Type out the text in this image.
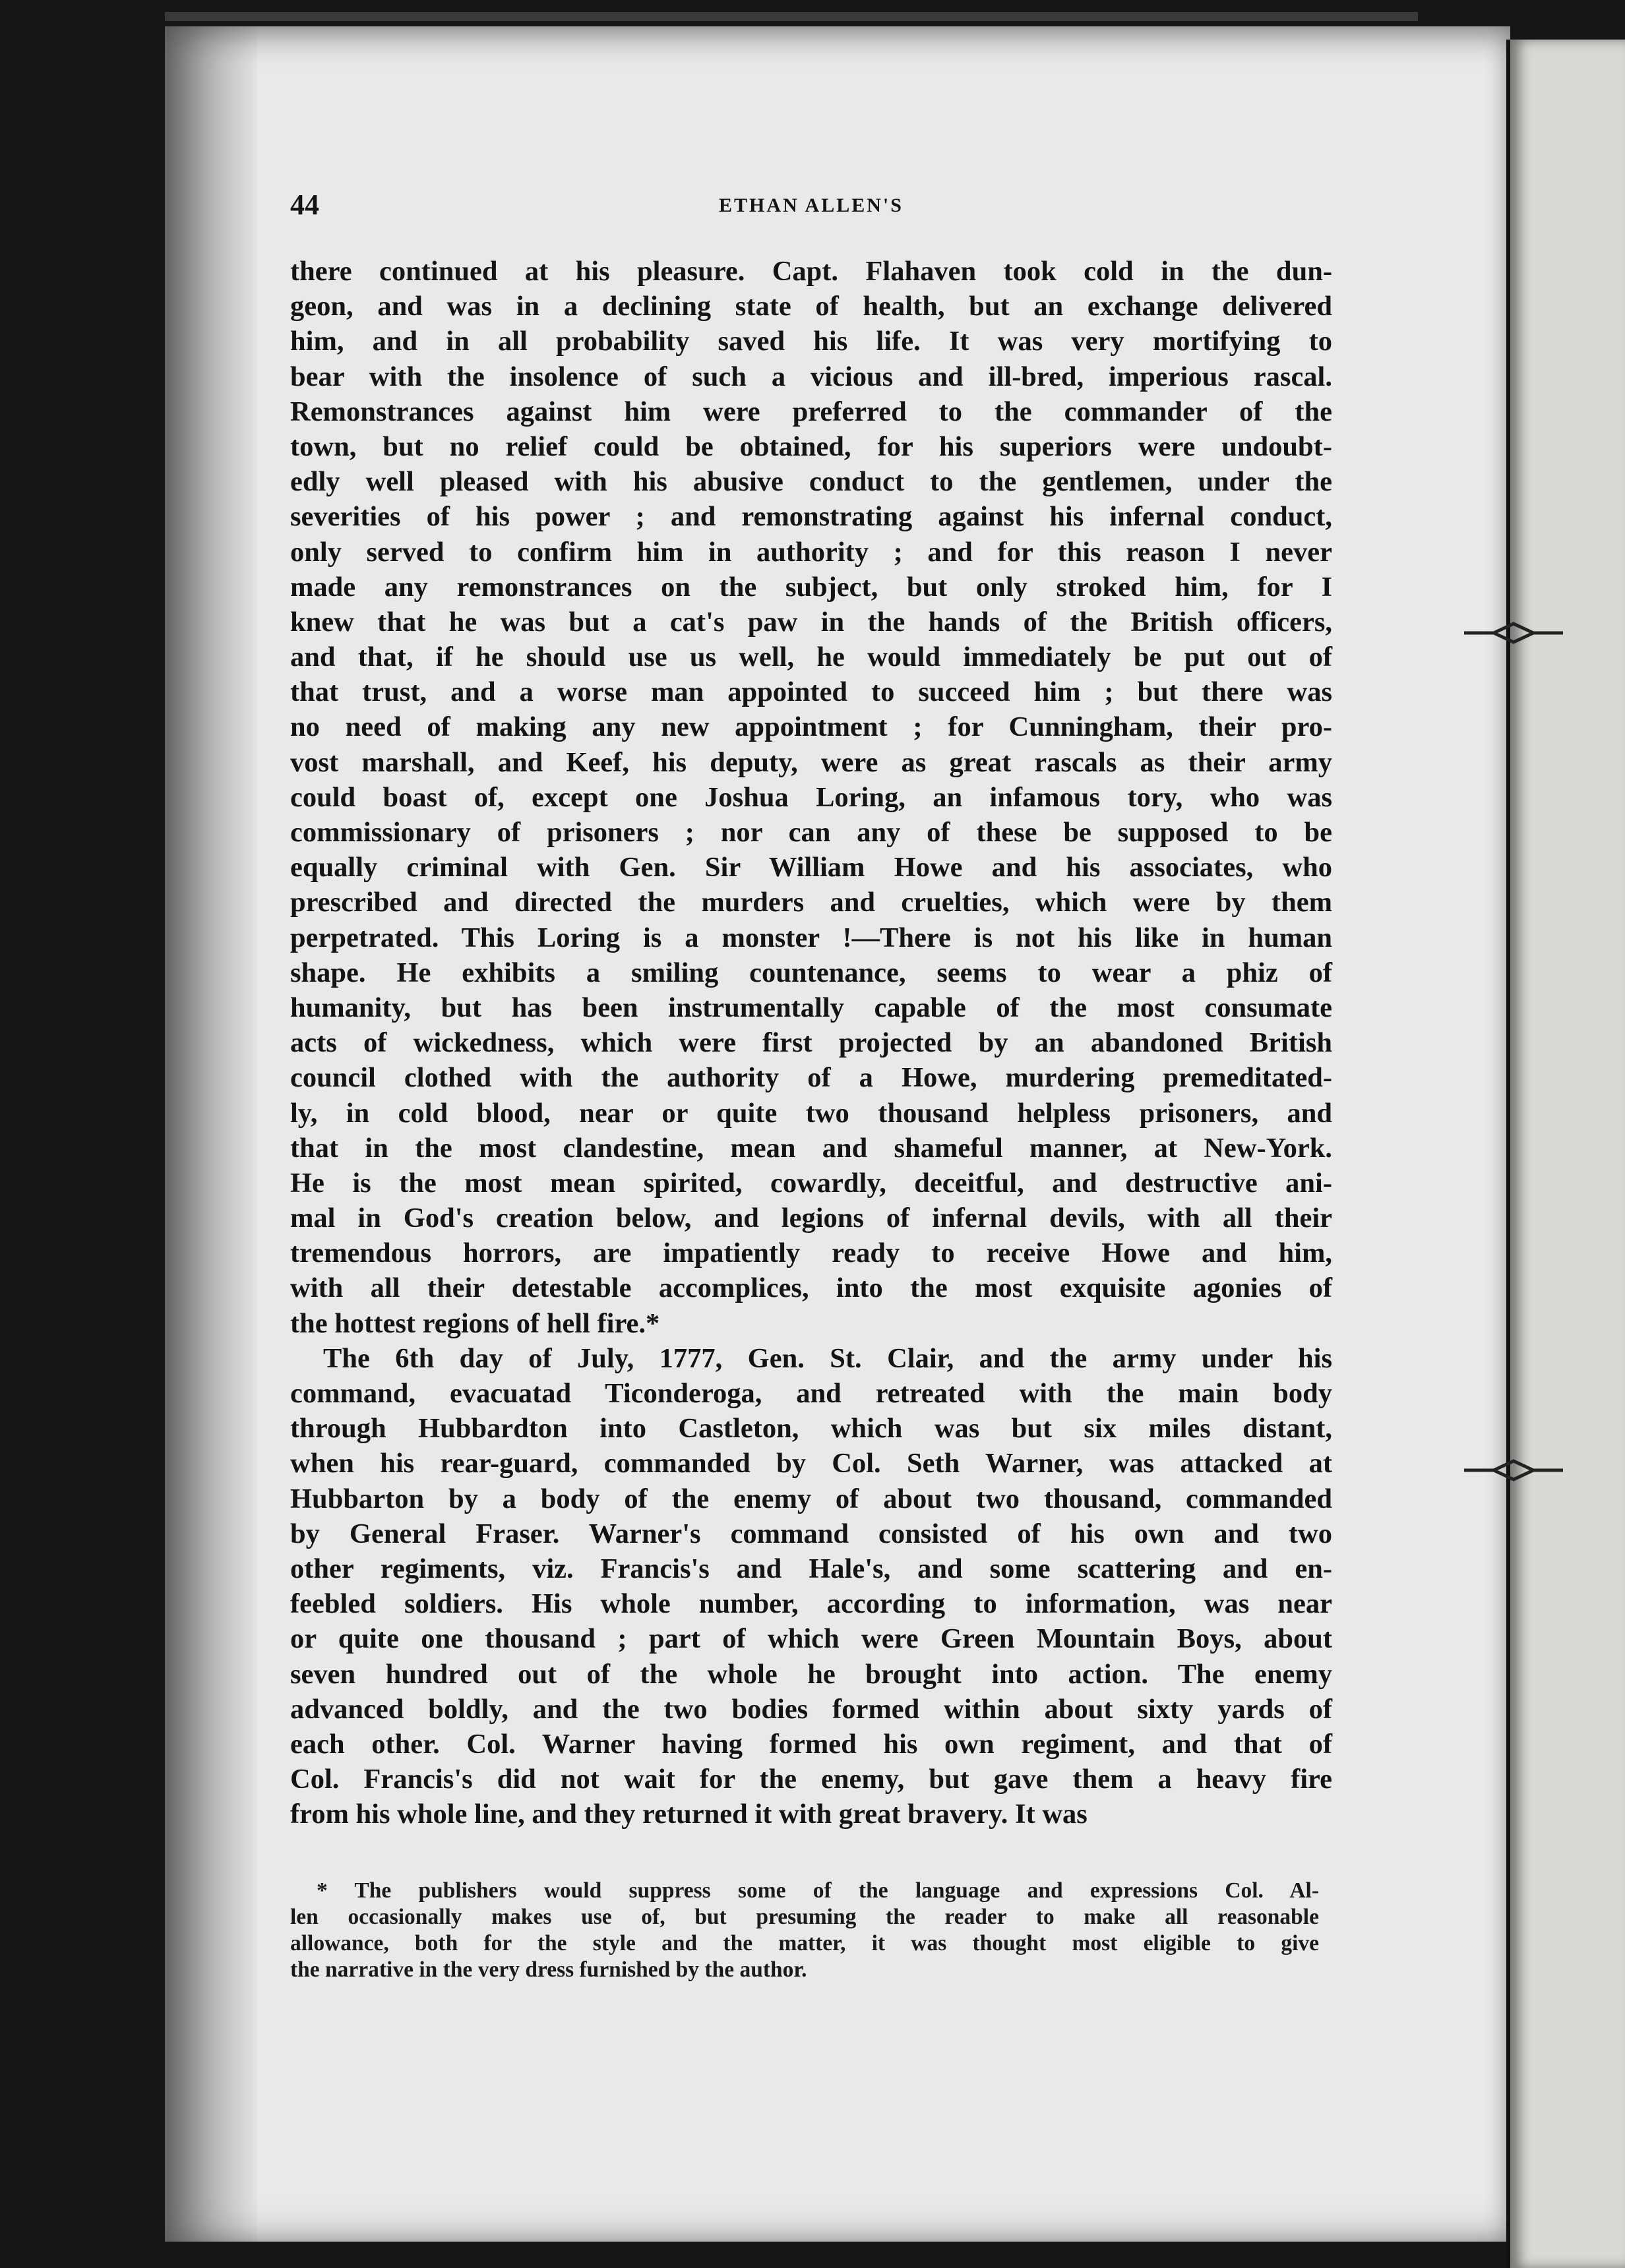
44	ETHAN ALLEN'S
there continued at his pleasure. Capt. Flahaven took cold in the dun-
geon, and was in a declining state of health, but an exchange delivered
him, and in all probability saved his life. It was very mortifying to
bear with the insolence of such a vicious and ill-bred, imperious rascal.
Remonstrances against him were preferred to the commander of the
town, but no relief could be obtained, for his superiors were undoubt-
edly well pleased with his abusive conduct to the gentlemen, under the
severities of his power ; and remonstrating against his infernal conduct,
only served to confirm him in authority ; and for this reason I never
made any remonstrances on the subject, but only stroked him, for I
knew that he was but a cat's paw in the hands of the British officers,
and that, if he should use us well, he would immediately be put out of
that trust, and a worse man appointed to succeed him ; but there was
no need of making any new appointment ; for Cunningham, their pro-
vost marshall, and Keef, his deputy, were as great rascals as their army
could boast of, except one Joshua Loring, an infamous tory, who was
commissionary of prisoners ; nor can any of these be supposed to be
equally criminal with Gen. Sir William Howe and his associates, who
prescribed and directed the murders and cruelties, which were by them
perpetrated. This Loring is a monster !—There is not his like in human
shape. He exhibits a smiling countenance, seems to wear a phiz of
humanity, but has been instrumentally capable of the most consumate
acts of wickedness, which were first projected by an abandoned British
council clothed with the authority of a Howe, murdering premeditated-
ly, in cold blood, near or quite two thousand helpless prisoners, and
that in the most clandestine, mean and shameful manner, at New-York.
He is the most mean spirited, cowardly, deceitful, and destructive ani-
mal in God's creation below, and legions of infernal devils, with all their
tremendous horrors, are impatiently ready to receive Howe and him,
with all their detestable accomplices, into the most exquisite agonies of
the hottest regions of hell fire.*
The 6th day of July, 1777, Gen. St. Clair, and the army under his
command, evacuatad Ticonderoga, and retreated with the main body
through Hubbardton into Castleton, which was but six miles distant,
when his rear-guard, commanded by Col. Seth Warner, was attacked at
Hubbarton by a body of the enemy of about two thousand, commanded
by General Fraser. Warner's command consisted of his own and two
other regiments, viz. Francis's and Hale's, and some scattering and en-
feebled soldiers. His whole number, according to information, was near
or quite one thousand ; part of which were Green Mountain Boys, about
seven hundred out of the whole he brought into action. The enemy
advanced boldly, and the two bodies formed within about sixty yards of
each other. Col. Warner having formed his own regiment, and that of
Col. Francis's did not wait for the enemy, but gave them a heavy fire
from his whole line, and they returned it with great bravery. It was
* The publishers would suppress some of the language and expressions Col. Al-
len occasionally makes use of, but presuming the reader to make all reasonable
allowance, both for the style and the matter, it was thought most eligible to give
the narrative in the very dress furnished by the author.
